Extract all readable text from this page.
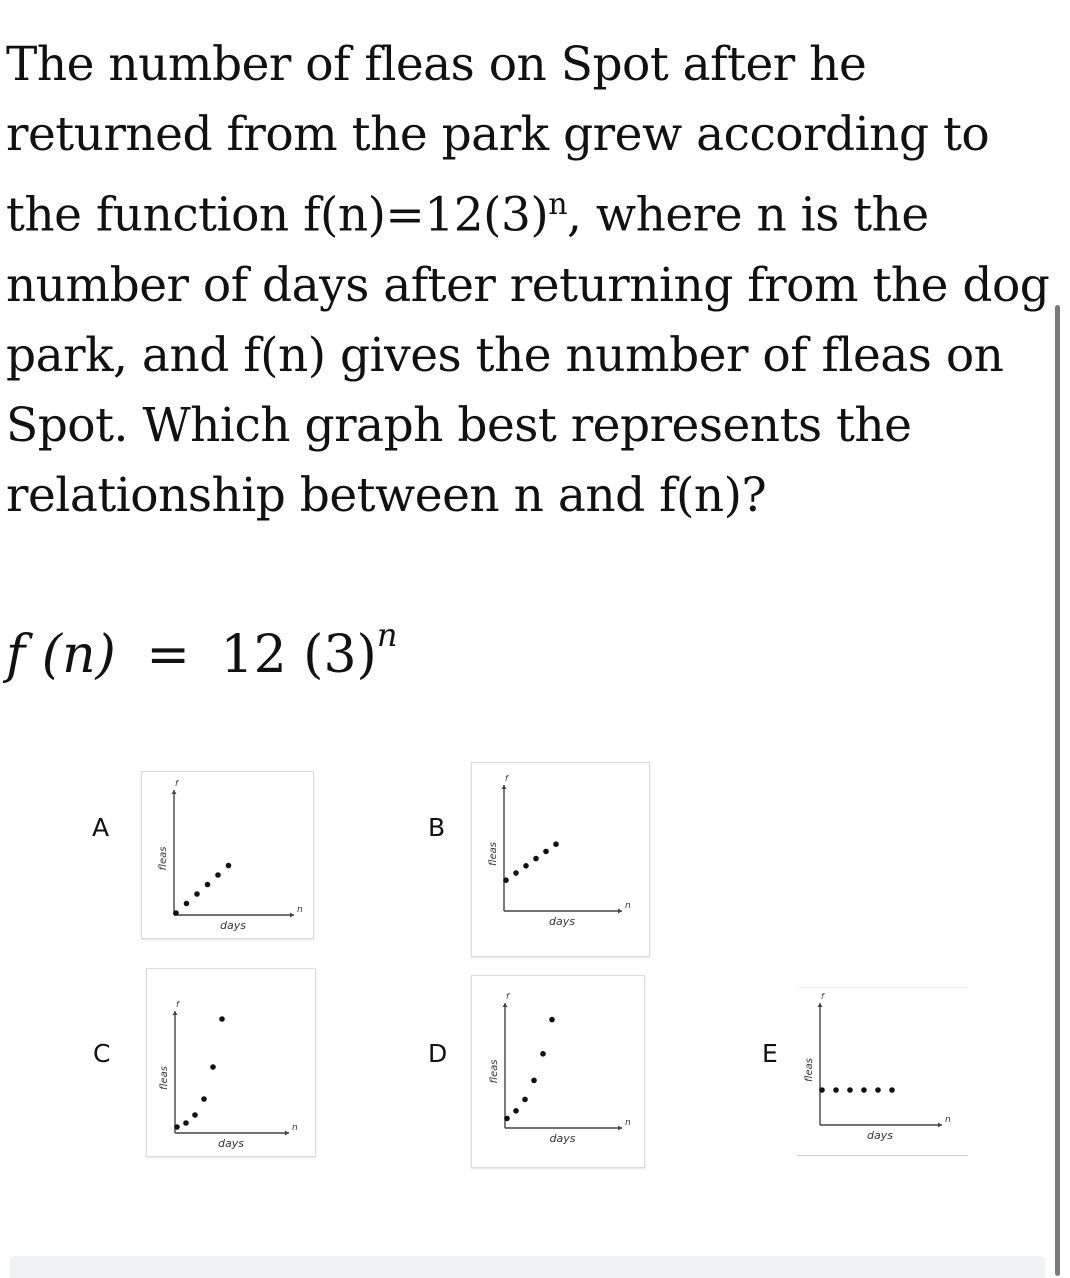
The number of fleas on Spot after he returned from the park grew according to the function $f(n)=12(3)^n$, where n is the number of days after returning from the dog park, and f(n) gives the number of fleas on Spot. Which graph best represents the relationship between n and f(n)?

f (n) = 12 $(3)^n$
A	B
C	D	E
f
n
days
fleas
f
n
days
fleas
f
n
days
fleas
f
n
days
fleas
f
n
days
fleas
